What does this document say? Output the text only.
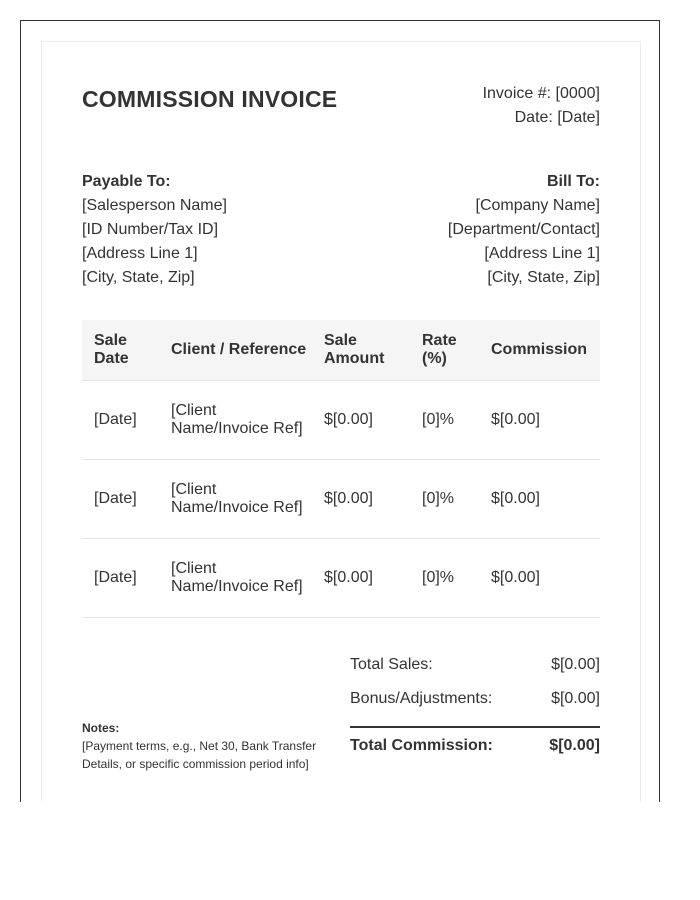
COMMISSION INVOICE	Invoice #: [0000]
Date: [Date]
Payable To:
[Salesperson Name]
[ID Number/Tax ID]
[Address Line 1]
[City, State, Zip]
Bill To:
[Company Name]
[Department/Contact]
[Address Line 1]
[City, State, Zip]
Sale Date	Client / Reference	Sale Amount	Rate (%)	Commission
[Date]	[Client Name/Invoice Ref]	$[0.00]	[0]%	$[0.00]
[Date]	[Client Name/Invoice Ref]	$[0.00]	[0]%	$[0.00]
[Date]	[Client Name/Invoice Ref]	$[0.00]	[0]%	$[0.00]
Total Sales:	$[0.00]
Bonus/Adjustments:	$[0.00]
Total Commission:	$[0.00]
Notes:
[Payment terms, e.g., Net 30, Bank Transfer Details, or specific commission period info]
